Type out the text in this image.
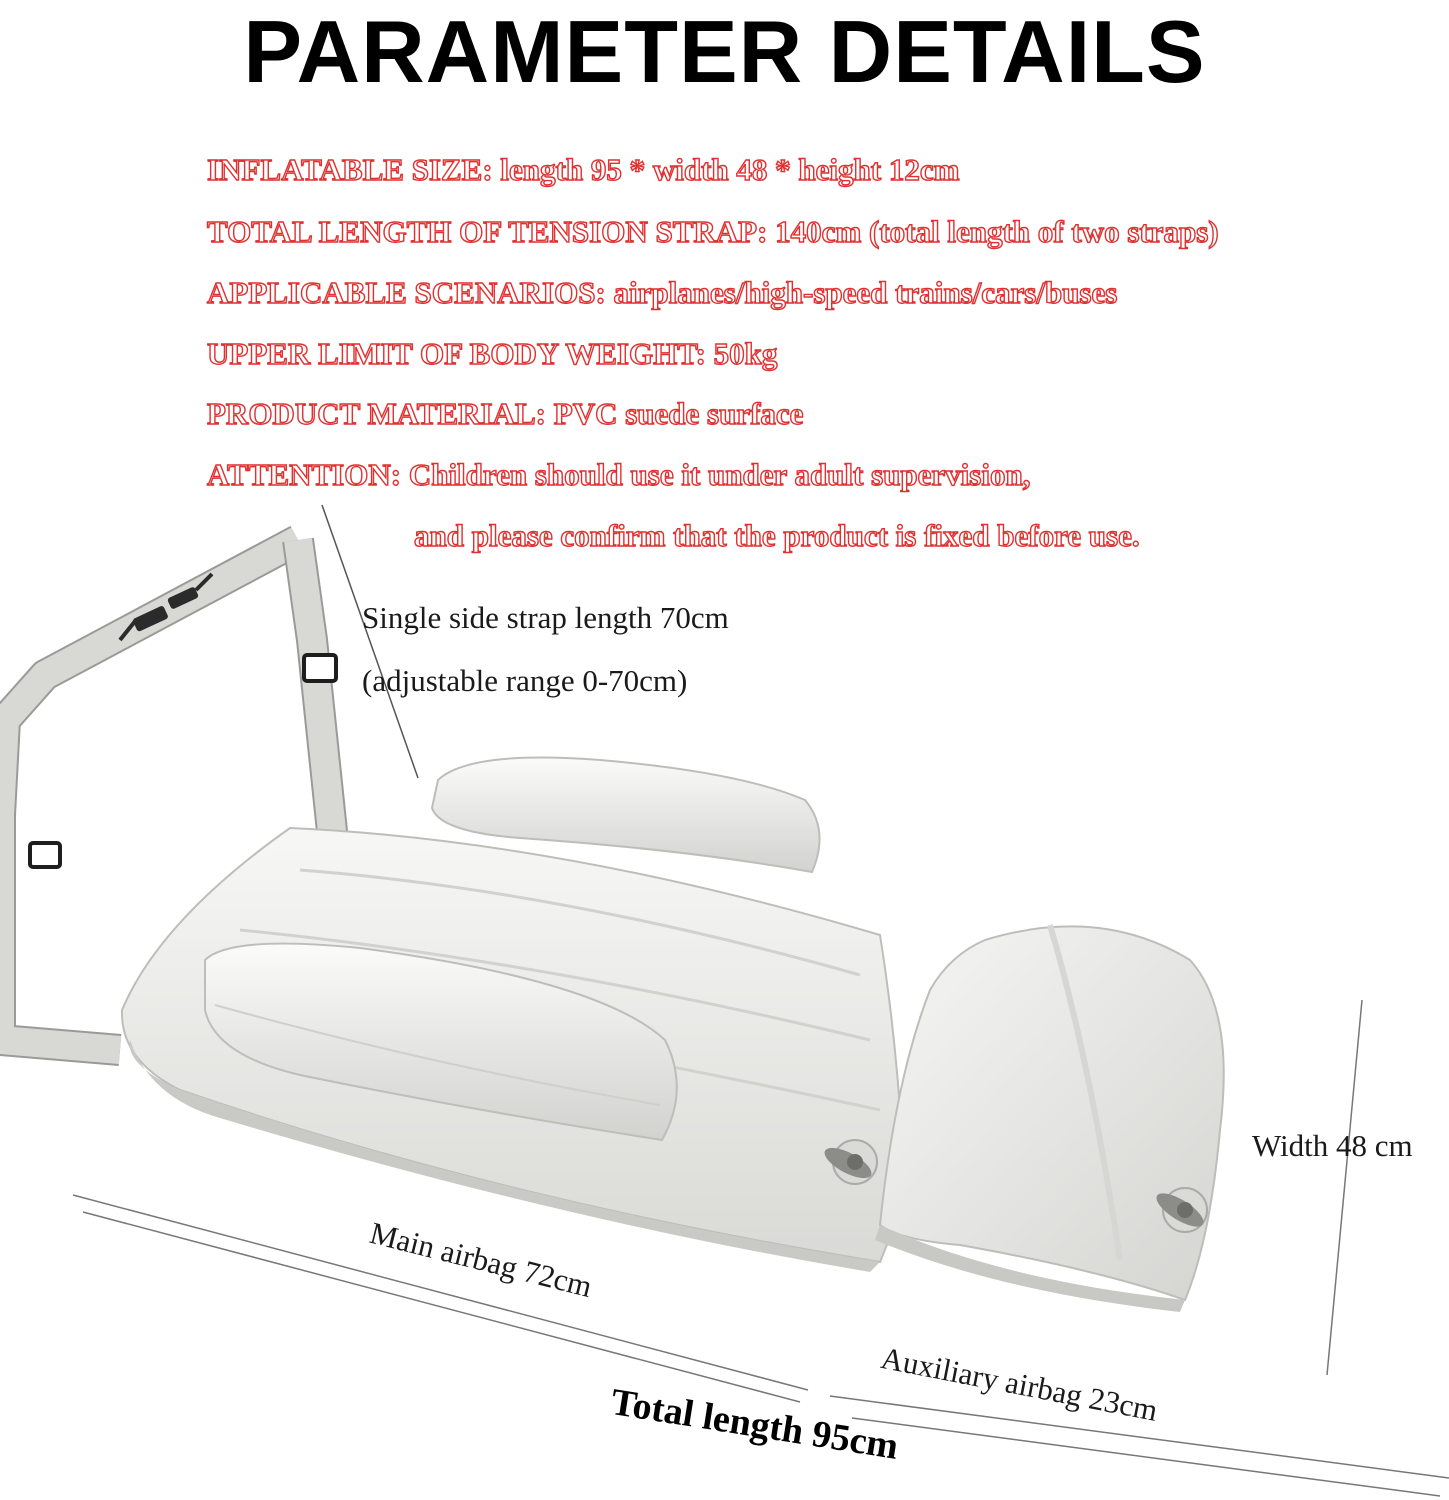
PARAMETER DETAILS
INFLATABLE SIZE: length 95 * width 48 * height 12cm
TOTAL LENGTH OF TENSION STRAP: 140cm (total length of two straps)
APPLICABLE SCENARIOS: airplanes/high-speed trains/cars/buses
UPPER LIMIT OF BODY WEIGHT: 50kg
PRODUCT MATERIAL: PVC suede surface
ATTENTION: Children should use it under adult supervision,
and please confirm that the product is fixed before use.
Single side strap length 70cm
(adjustable range 0-70cm)
Width 48 cm
Main airbag 72cm
Auxiliary airbag 23cm
Total length 95cm
